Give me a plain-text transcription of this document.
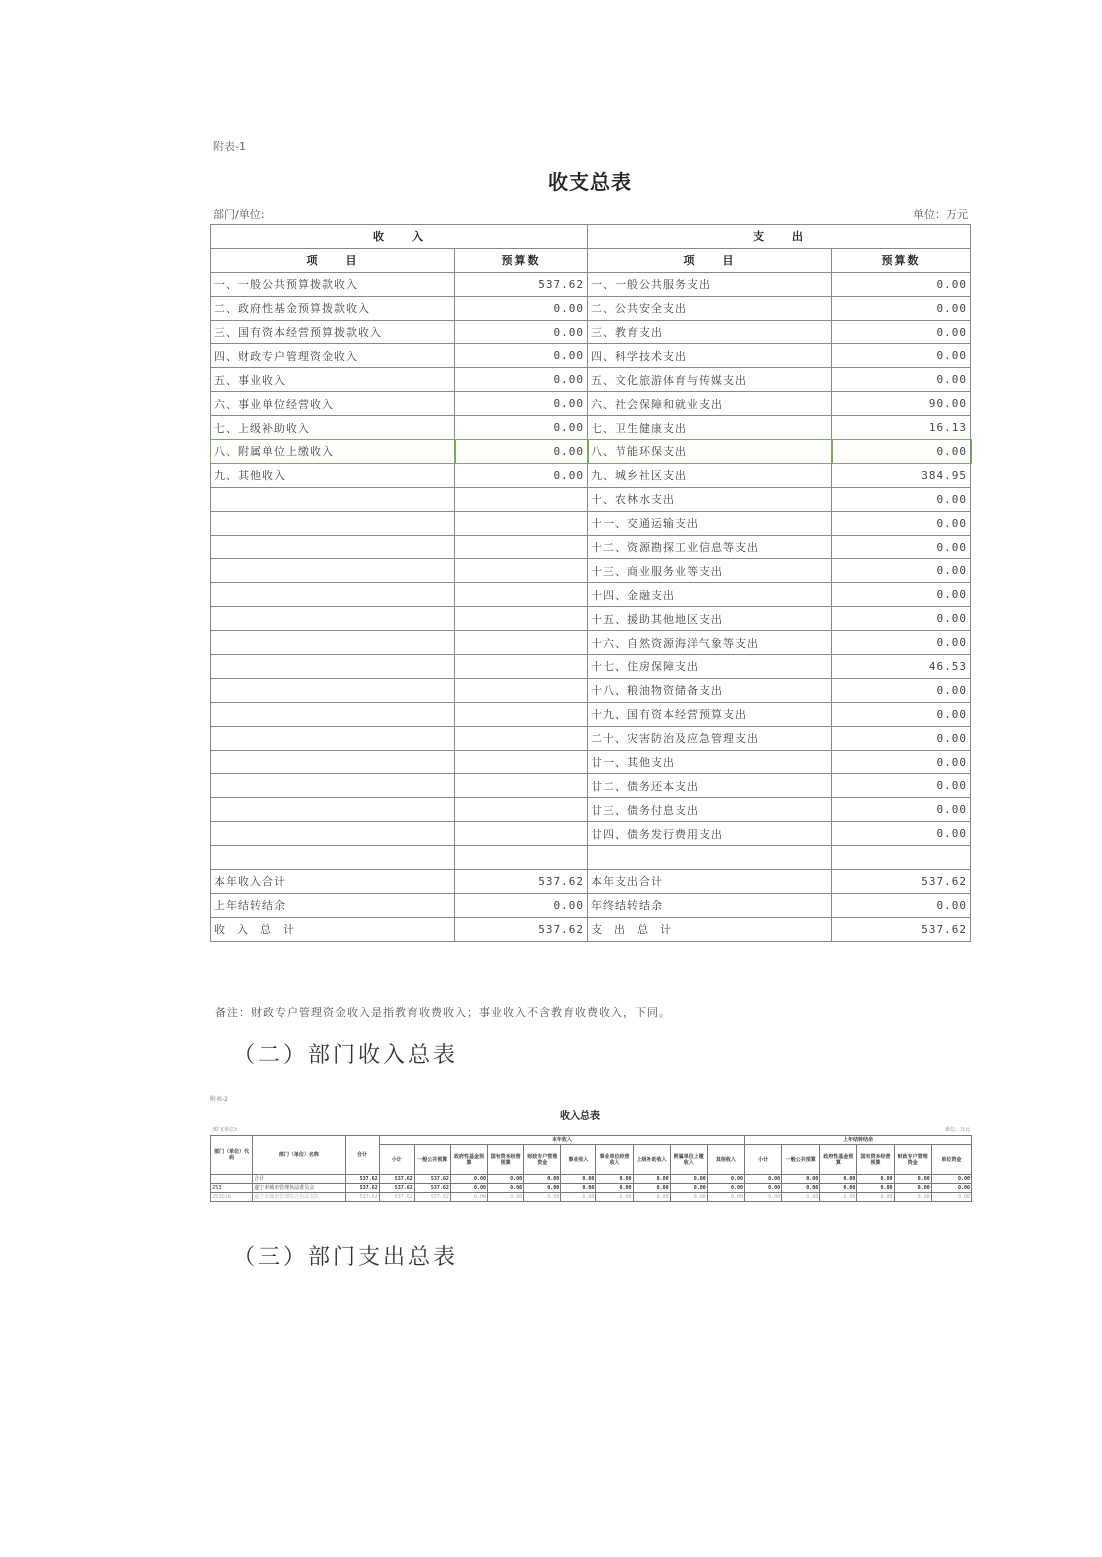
附表-1
收支总表
部门/单位:	单位：万元
收　　入		支　　出	
项　　目	预算数	项　　目	预算数
一、一般公共预算拨款收入	537.62	一、一般公共服务支出	0.00
二、政府性基金预算拨款收入	0.00	二、公共安全支出	0.00
三、国有资本经营预算拨款收入	0.00	三、教育支出	0.00
四、财政专户管理资金收入	0.00	四、科学技术支出	0.00
五、事业收入	0.00	五、文化旅游体育与传媒支出	0.00
六、事业单位经营收入	0.00	六、社会保障和就业支出	90.00
七、上级补助收入	0.00	七、卫生健康支出	16.13
八、附属单位上缴收入	0.00	八、节能环保支出	0.00
九、其他收入	0.00	九、城乡社区支出	384.95
		十、农林水支出	0.00
		十一、交通运输支出	0.00
		十二、资源勘探工业信息等支出	0.00
		十三、商业服务业等支出	0.00
		十四、金融支出	0.00
		十五、援助其他地区支出	0.00
		十六、自然资源海洋气象等支出	0.00
		十七、住房保障支出	46.53
		十八、粮油物资储备支出	0.00
		十九、国有资本经营预算支出	0.00
		二十、灾害防治及应急管理支出	0.00
		廿一、其他支出	0.00
		廿二、债务还本支出	0.00
		廿三、债务付息支出	0.00
		廿四、债务发行费用支出	0.00

本年收入合计	537.62	本年支出合计	537.62
上年结转结余	0.00	年终结转结余	0.00
收入总计	537.62	支出总计	537.62
备注：财政专户管理资金收入是指教育收费收入；事业收入不含教育收费收入，下同。
（二）部门收入总表
附表-2
收入总表
部门(单位):	单位：万元
部门（单位）代码	部门（单位）名称	合计	本年收入										上年结转结余					
			小计	一般公共预算	政府性基金预算	国有资本经营预算	财政专户管理资金	事业收入	事业单位经营收入	上级补助收入	附属单位上缴收入	其他收入	小计	一般公共预算	政府性基金预算	国有资本经营预算	财政专户管理资金	单位资金
	合计	537.62	537.62	537.62	0.00	0.00	0.00	0.00	0.00	0.00	0.00	0.00	0.00	0.00	0.00	0.00	0.00	0.00
253	遂宁市城市管理执法委员会	537.62	537.62	537.62	0.00	0.00	0.00	0.00	0.00	0.00	0.00	0.00	0.00	0.00	0.00	0.00	0.00	0.00
253016	遂宁市城市管理综合执法支队	537.62	537.62	537.62	0.00	0.00	0.00	0.00	0.00	0.00	0.00	0.00	0.00	0.00	0.00	0.00	0.00	0.00
（三）部门支出总表
